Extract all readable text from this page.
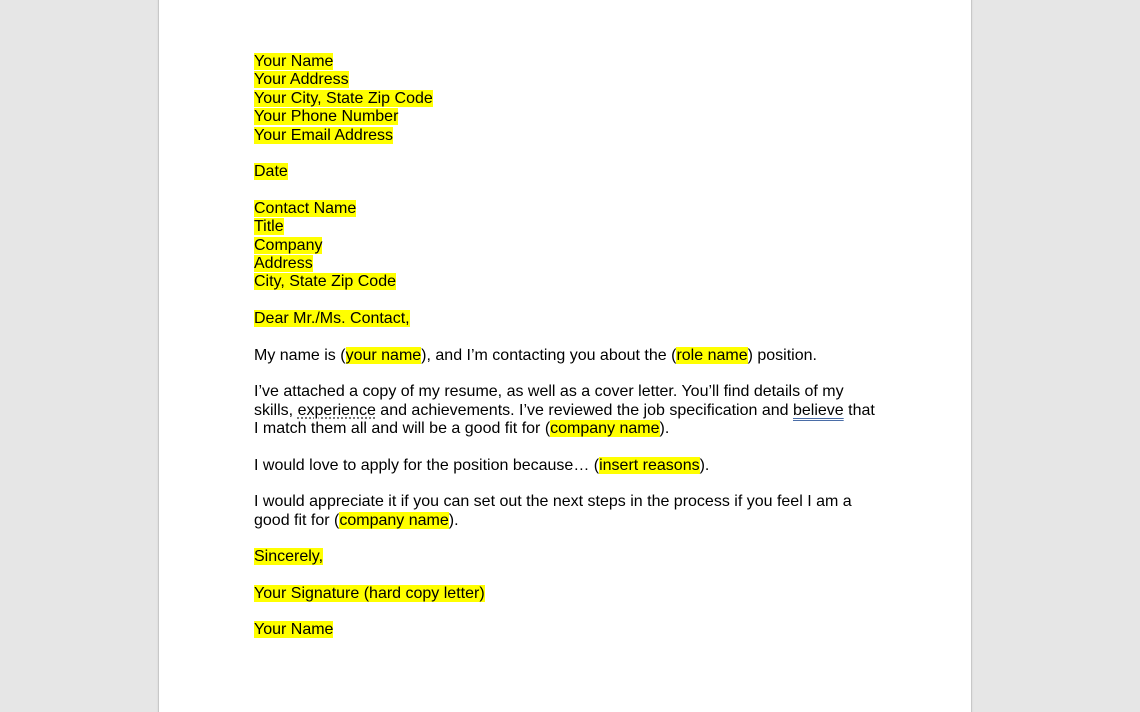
Your Name
Your Address
Your City, State Zip Code
Your Phone Number
Your Email Address
Date
Contact Name
Title
Company
Address
City, State Zip Code
Dear Mr./Ms. Contact,
My name is (your name), and I’m contacting you about the (role name) position.
I’ve attached a copy of my resume, as well as a cover letter. You’ll find details of my
skills, experience and achievements. I’ve reviewed the job specification and believe that
I match them all and will be a good fit for (company name).
I would love to apply for the position because… (insert reasons).
I would appreciate it if you can set out the next steps in the process if you feel I am a
good fit for (company name).
Sincerely,
Your Signature (hard copy letter)
Your Name
